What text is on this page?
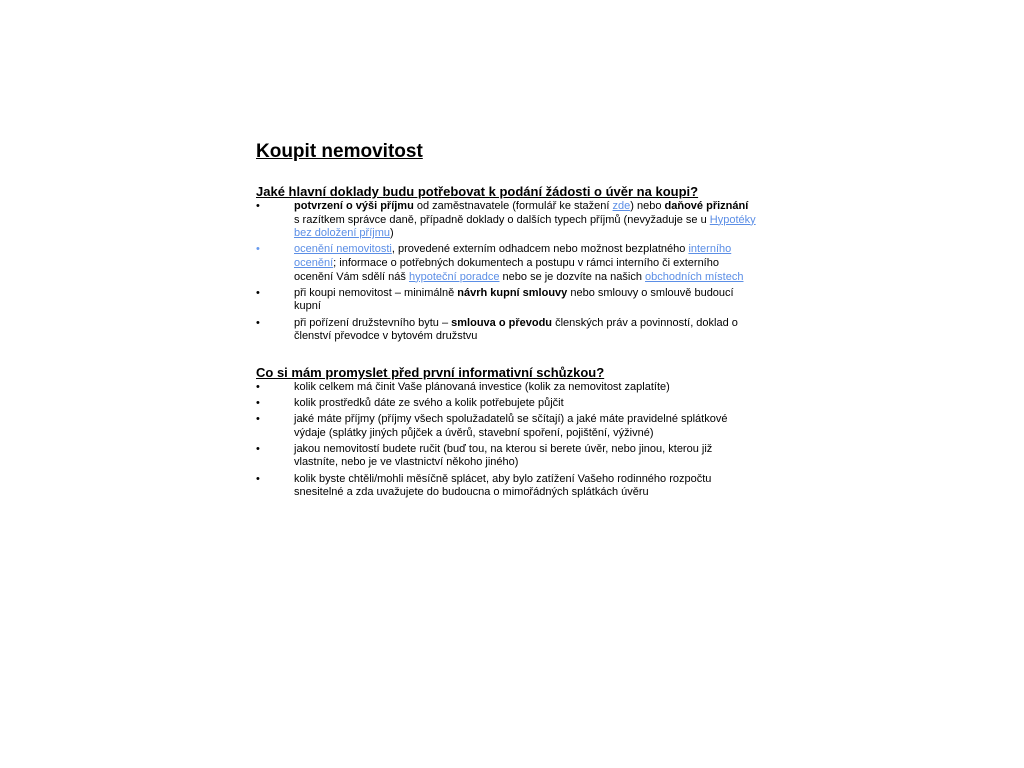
Koupit nemovitost
Jaké hlavní doklady budu potřebovat k podání žádosti o úvěr na koupi?
•	potvrzení o výši příjmu od zaměstnavatele (formulář ke stažení zde) nebo daňové přiznání s razítkem správce daně, případně doklady o dalších typech příjmů (nevyžaduje se u Hypotéky bez doložení příjmu)
•	ocenění nemovitosti, provedené externím odhadcem nebo možnost bezplatného interního ocenění; informace o potřebných dokumentech a postupu v rámci interního či externího ocenění Vám sdělí náš hypoteční poradce nebo se je dozvíte na našich obchodních místech
•	při koupi nemovitost – minimálně návrh kupní smlouvy nebo smlouvy o smlouvě budoucí kupní
•	při pořízení družstevního bytu – smlouva o převodu členských práv a povinností, doklad o členství převodce v bytovém družstvu
Co si mám promyslet před první informativní schůzkou?
•	kolik celkem má činit Vaše plánovaná investice (kolik za nemovitost zaplatíte)
•	kolik prostředků dáte ze svého a kolik potřebujete půjčit
•	jaké máte příjmy (příjmy všech spolužadatelů se sčítají) a jaké máte pravidelné splátkové výdaje (splátky jiných půjček a úvěrů, stavební spoření, pojištění, výživné)
•	jakou nemovitostí budete ručit (buď tou, na kterou si berete úvěr, nebo jinou, kterou již vlastníte, nebo je ve vlastnictví někoho jiného)
•	kolik byste chtěli/mohli měsíčně splácet, aby bylo zatížení Vašeho rodinného rozpočtu snesitelné a zda uvažujete do budoucna o mimořádných splátkách úvěru
